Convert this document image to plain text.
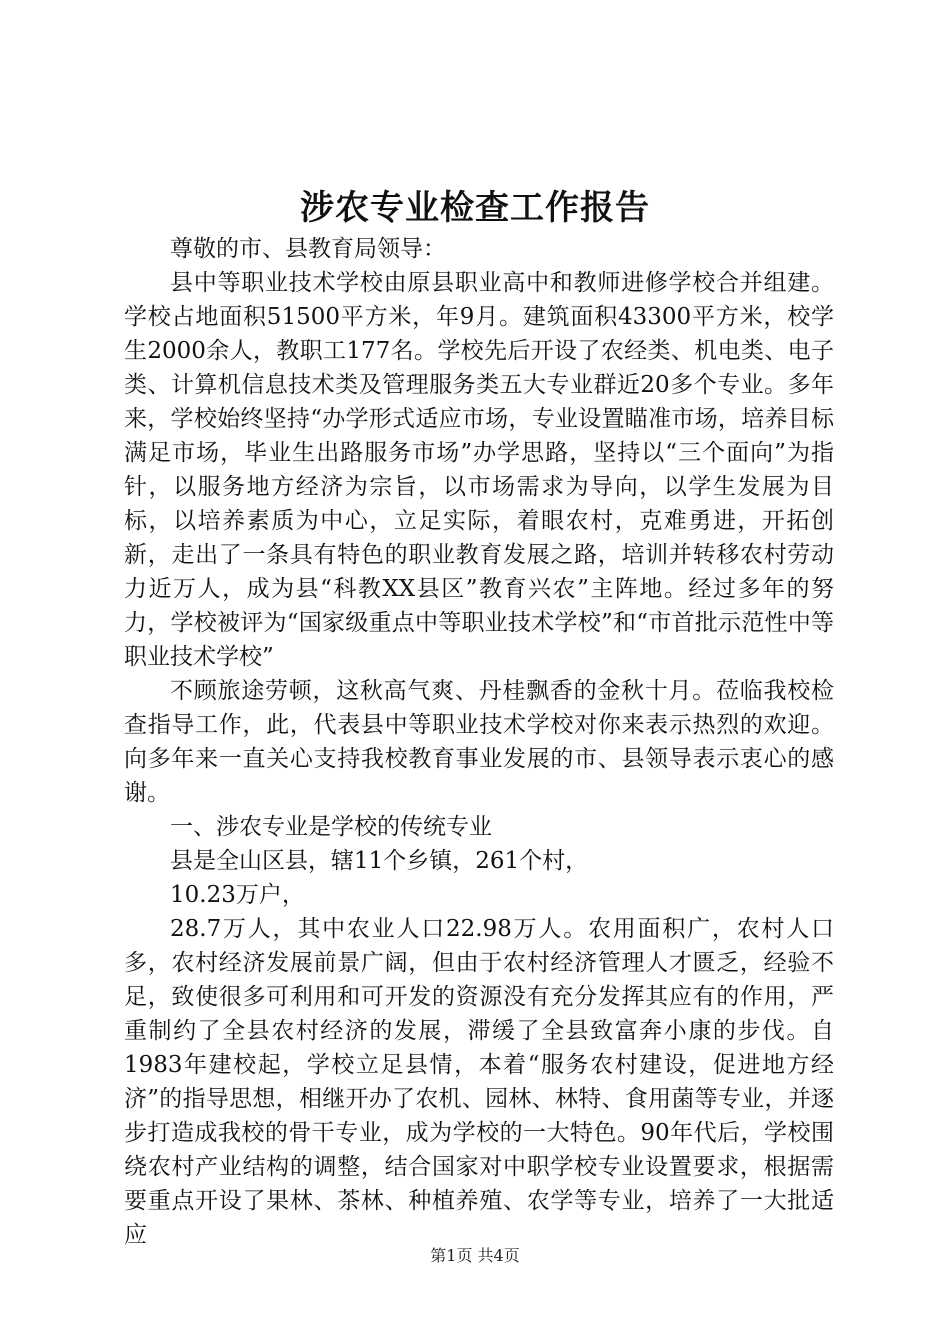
涉农专业检查工作报告

尊敬的市、县教育局领导：

县中等职业技术学校由原县职业高中和教师进修学校合并组建。学校占地面积51500平方米，年9月。建筑面积43300平方米，校学生2000余人，教职工177名。学校先后开设了农经类、机电类、电子类、计算机信息技术类及管理服务类五大专业群近20多个专业。多年来，学校始终坚持“办学形式适应市场，专业设置瞄准市场，培养目标满足市场，毕业生出路服务市场”办学思路，坚持以“三个面向”为指针，以服务地方经济为宗旨，以市场需求为导向，以学生发展为目标，以培养素质为中心，立足实际，着眼农村，克难勇进，开拓创新，走出了一条具有特色的职业教育发展之路，培训并转移农村劳动力近万人，成为县“科教XX县区”教育兴农”主阵地。经过多年的努力，学校被评为“国家级重点中等职业技术学校”和“市首批示范性中等职业技术学校”

不顾旅途劳顿，这秋高气爽、丹桂飘香的金秋十月。莅临我校检查指导工作，此，代表县中等职业技术学校对你来表示热烈的欢迎。向多年来一直关心支持我校教育事业发展的市、县领导表示衷心的感谢。

一、涉农专业是学校的传统专业

县是全山区县，辖11个乡镇，261个村，

10.23万户，

28.7万人，其中农业人口22.98万人。农用面积广，农村人口多，农村经济发展前景广阔，但由于农村经济管理人才匮乏，经验不足，致使很多可利用和可开发的资源没有充分发挥其应有的作用，严重制约了全县农村经济的发展，滞缓了全县致富奔小康的步伐。自1983年建校起，学校立足县情，本着“服务农村建设，促进地方经济”的指导思想，相继开办了农机、园林、林特、食用菌等专业，并逐步打造成我校的骨干专业，成为学校的一大特色。90年代后，学校围绕农村产业结构的调整，结合国家对中职学校专业设置要求，根据需要重点开设了果林、茶林、种植养殖、农学等专业，培养了一大批适应

第1页 共4页
